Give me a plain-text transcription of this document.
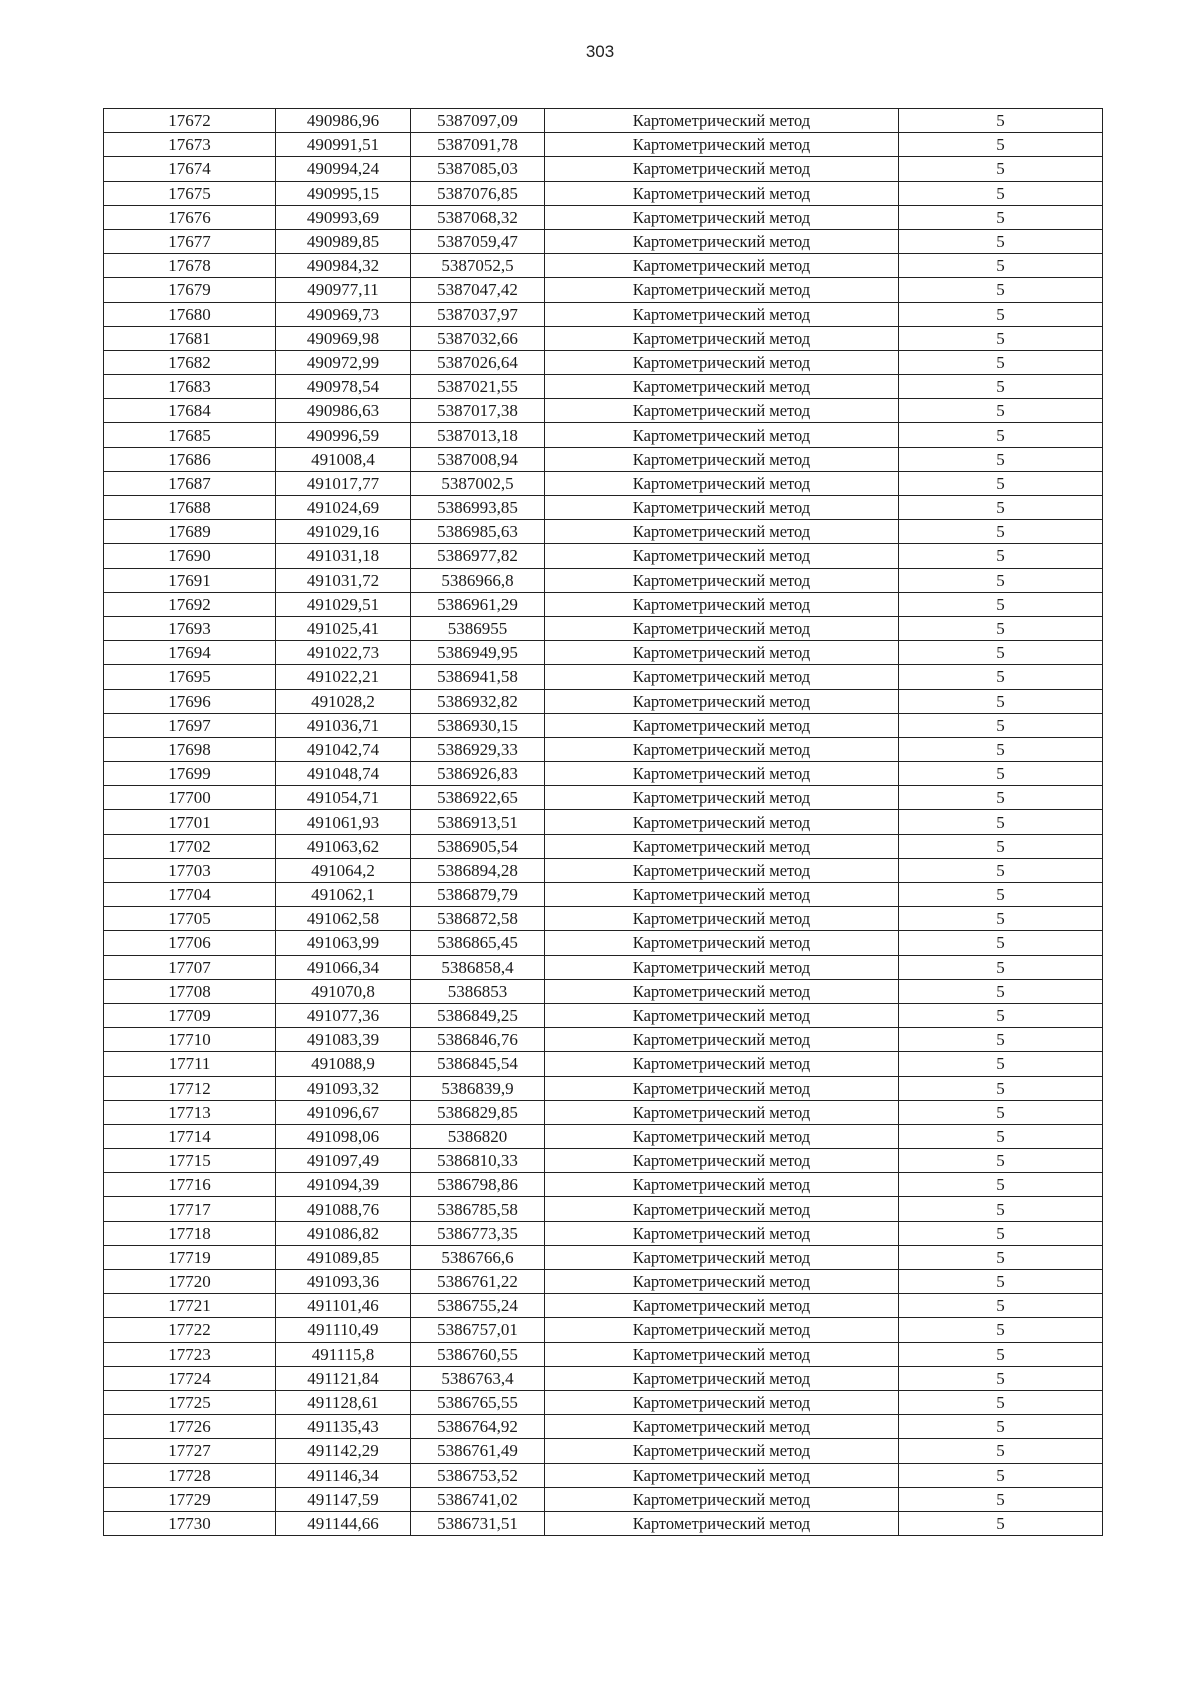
303
17672	490986,96	5387097,09	Картометрический метод	5
17673	490991,51	5387091,78	Картометрический метод	5
17674	490994,24	5387085,03	Картометрический метод	5
17675	490995,15	5387076,85	Картометрический метод	5
17676	490993,69	5387068,32	Картометрический метод	5
17677	490989,85	5387059,47	Картометрический метод	5
17678	490984,32	5387052,5	Картометрический метод	5
17679	490977,11	5387047,42	Картометрический метод	5
17680	490969,73	5387037,97	Картометрический метод	5
17681	490969,98	5387032,66	Картометрический метод	5
17682	490972,99	5387026,64	Картометрический метод	5
17683	490978,54	5387021,55	Картометрический метод	5
17684	490986,63	5387017,38	Картометрический метод	5
17685	490996,59	5387013,18	Картометрический метод	5
17686	491008,4	5387008,94	Картометрический метод	5
17687	491017,77	5387002,5	Картометрический метод	5
17688	491024,69	5386993,85	Картометрический метод	5
17689	491029,16	5386985,63	Картометрический метод	5
17690	491031,18	5386977,82	Картометрический метод	5
17691	491031,72	5386966,8	Картометрический метод	5
17692	491029,51	5386961,29	Картометрический метод	5
17693	491025,41	5386955	Картометрический метод	5
17694	491022,73	5386949,95	Картометрический метод	5
17695	491022,21	5386941,58	Картометрический метод	5
17696	491028,2	5386932,82	Картометрический метод	5
17697	491036,71	5386930,15	Картометрический метод	5
17698	491042,74	5386929,33	Картометрический метод	5
17699	491048,74	5386926,83	Картометрический метод	5
17700	491054,71	5386922,65	Картометрический метод	5
17701	491061,93	5386913,51	Картометрический метод	5
17702	491063,62	5386905,54	Картометрический метод	5
17703	491064,2	5386894,28	Картометрический метод	5
17704	491062,1	5386879,79	Картометрический метод	5
17705	491062,58	5386872,58	Картометрический метод	5
17706	491063,99	5386865,45	Картометрический метод	5
17707	491066,34	5386858,4	Картометрический метод	5
17708	491070,8	5386853	Картометрический метод	5
17709	491077,36	5386849,25	Картометрический метод	5
17710	491083,39	5386846,76	Картометрический метод	5
17711	491088,9	5386845,54	Картометрический метод	5
17712	491093,32	5386839,9	Картометрический метод	5
17713	491096,67	5386829,85	Картометрический метод	5
17714	491098,06	5386820	Картометрический метод	5
17715	491097,49	5386810,33	Картометрический метод	5
17716	491094,39	5386798,86	Картометрический метод	5
17717	491088,76	5386785,58	Картометрический метод	5
17718	491086,82	5386773,35	Картометрический метод	5
17719	491089,85	5386766,6	Картометрический метод	5
17720	491093,36	5386761,22	Картометрический метод	5
17721	491101,46	5386755,24	Картометрический метод	5
17722	491110,49	5386757,01	Картометрический метод	5
17723	491115,8	5386760,55	Картометрический метод	5
17724	491121,84	5386763,4	Картометрический метод	5
17725	491128,61	5386765,55	Картометрический метод	5
17726	491135,43	5386764,92	Картометрический метод	5
17727	491142,29	5386761,49	Картометрический метод	5
17728	491146,34	5386753,52	Картометрический метод	5
17729	491147,59	5386741,02	Картометрический метод	5
17730	491144,66	5386731,51	Картометрический метод	5
